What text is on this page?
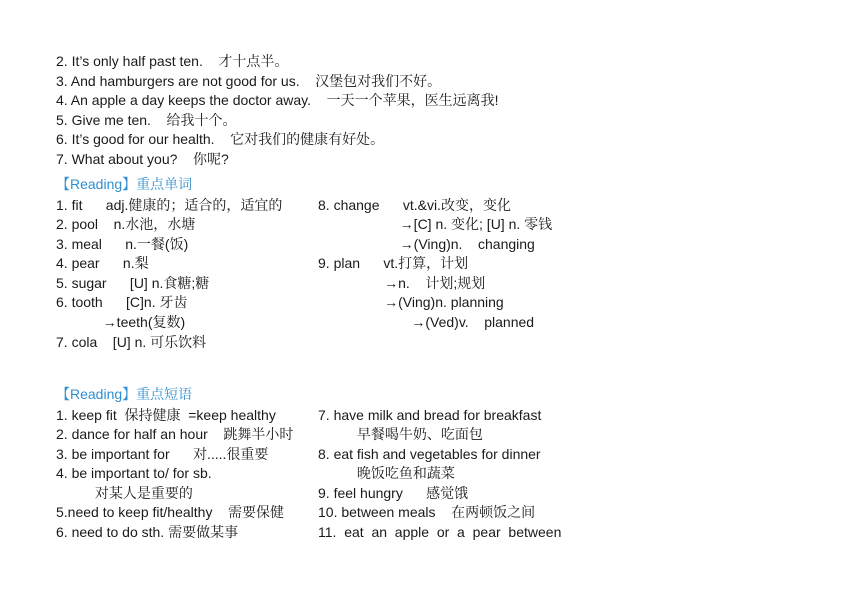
2. It’s only half past ten.    才十点半。
3. And hamburgers are not good for us.    汉堡包对我们不好。
4. An apple a day keeps the doctor away.    一天一个苹果，医生远离我!
5. Give me ten.    给我十个。
6. It’s good for our health.    它对我们的健康有好处。
7. What about you?    你呢?
【Reading】重点单词
1. fit      adj.健康的；适合的，适宜的
2. pool    n.水池，水塘
3. meal      n.一餐(饭)
4. pear      n.梨
5. sugar      [U] n.食糖;糖
6. tooth      [C]n. 牙齿
→teeth(复数)
7. cola    [U] n. 可乐饮料
8. change      vt.&vi.改变，变化
→[C] n. 变化; [U] n. 零钱
→(Ving)n.    changing
9. plan      vt.打算，计划
→n.    计划;规划
→(Ving)n. planning
→(Ved)v.    planned
【Reading】重点短语
1. keep fit  保持健康  =keep healthy
2. dance for half an hour    跳舞半小时
3. be important for      对.....很重要
4. be important to/ for sb.
对某人是重要的
5.need to keep fit/healthy    需要保健
6. need to do sth. 需要做某事
7. have milk and bread for breakfast
早餐喝牛奶、吃面包
8. eat fish and vegetables for dinner
晚饭吃鱼和蔬菜
9. feel hungry      感觉饿
10. between meals    在两顿饭之间
11.  eat  an  apple  or  a  pear  between
